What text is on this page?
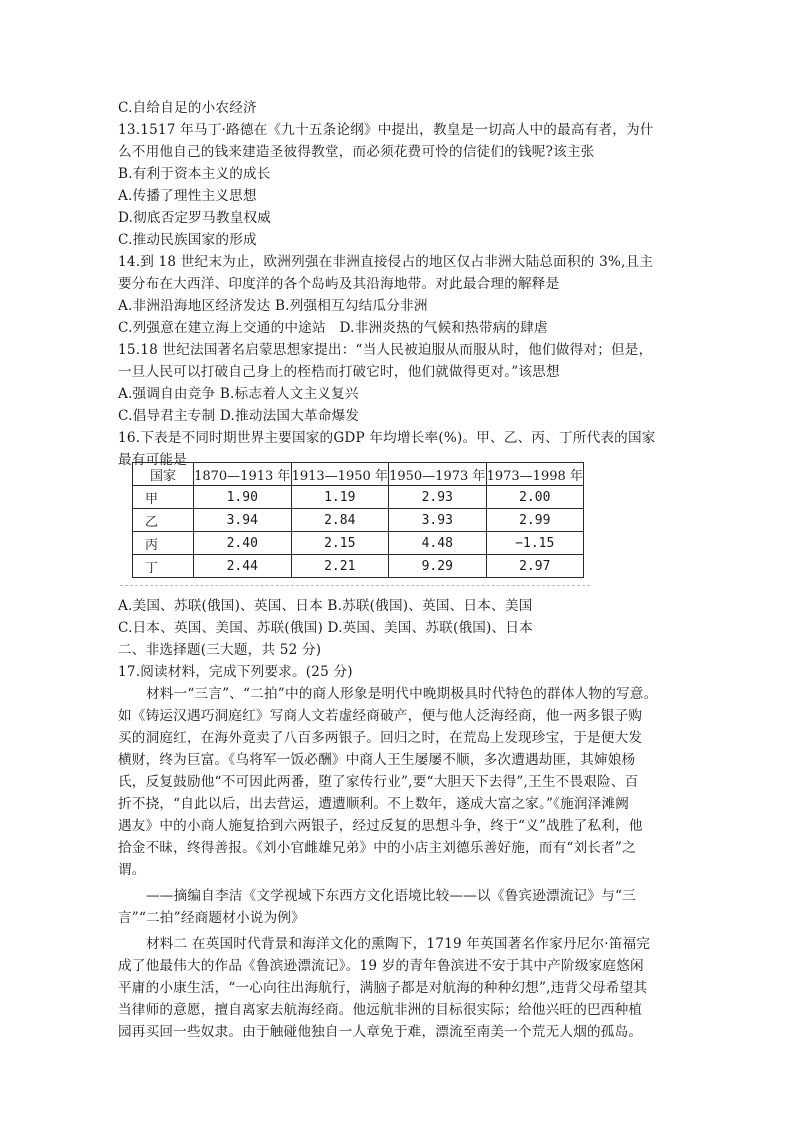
C.自给自足的小农经济
13.1517 年马丁·路德在《九十五条论纲》中提出，教皇是一切高人中的最高有者，为什
么不用他自己的钱来建造圣彼得教堂，而必须花费可怜的信徒们的钱呢?该主张
B.有利于资本主义的成长
A.传播了理性主义思想
D.彻底否定罗马教皇权威
C.推动民族国家的形成
14.到 18 世纪末为止，欧洲列强在非洲直接侵占的地区仅占非洲大陆总面积的 3%,且主
要分布在大西洋、印度洋的各个岛屿及其沿海地带。对此最合理的解释是
A.非洲沿海地区经济发达 B.列强相互勾结瓜分非洲
C.列强意在建立海上交通的中途站　D.非洲炎热的气候和热带病的肆虐
15.18 世纪法国著名启蒙思想家提出：“当人民被迫服从而服从时，他们做得对；但是，
一旦人民可以打破自己身上的桎梏而打破它时，他们就做得更对。”该思想
A.强调自由竞争 B.标志着人文主义复兴
C.倡导君主专制 D.推动法国大革命爆发
16.下表是不同时期世界主要国家的GDP 年均增长率(%)。甲、乙、丙、丁所代表的国家
最有可能是
国家	1870—1913 年	1913—1950 年	1950—1973 年	1973—1998 年
甲	1.90	1.19	2.93	2.00
乙	3.94	2.84	3.93	2.99
丙	2.40	2.15	4.48	−1.15
丁	2.44	2.21	9.29	2.97
A.美国、苏联(俄国)、英国、日本 B.苏联(俄国)、英国、日本、美国
C.日本、英国、美国、苏联(俄国) D.英国、美国、苏联(俄国)、日本
二、非选择题(三大题，共 52 分)
17.阅读材料，完成下列要求。(25 分)
材料一“三言”、“二拍”中的商人形象是明代中晚期极具时代特色的群体人物的写意。
如《铸运汉遇巧洞庭红》写商人文若虚经商破产，便与他人泛海经商，他一两多银子购
买的洞庭红，在海外竟卖了八百多两银子。回归之时，在荒岛上发现珍宝，于是便大发
横财，终为巨富。《乌将军一饭必酬》中商人王生屡屡不顺，多次遭遇劫匪，其婶娘杨
氏，反复鼓励他“不可因此两番，堕了家传行业”,要“大胆天下去得”,王生不畏艰险、百
折不挠，“自此以后，出去营运，遭遭顺利。不上数年，遂成大富之家。”《施润泽滩阙
遇友》中的小商人施复拾到六两银子，经过反复的思想斗争，终于“义”战胜了私利，他
拾金不昧，终得善报。《刘小官雌雄兄弟》中的小店主刘德乐善好施，而有“刘长者”之
谓。
——摘编自李洁《文学视域下东西方文化语境比较——以《鲁宾逊漂流记》与“三
言”“二拍”经商题材小说为例》
材料二 在英国时代背景和海洋文化的熏陶下，1719 年英国著名作家丹尼尔·笛福完
成了他最伟大的作品《鲁滨逊漂流记》。19 岁的青年鲁滨进不安于其中产阶级家庭悠闲
平庸的小康生活，“一心向往出海航行，满脑子都是对航海的种种幻想”,违背父母希望其
当律师的意愿，擅自离家去航海经商。他远航非洲的目标很实际；给他兴旺的巴西种植
园再买回一些奴隶。由于触碰他独自一人章免于难，漂流至南美一个荒无人烟的孤岛。
